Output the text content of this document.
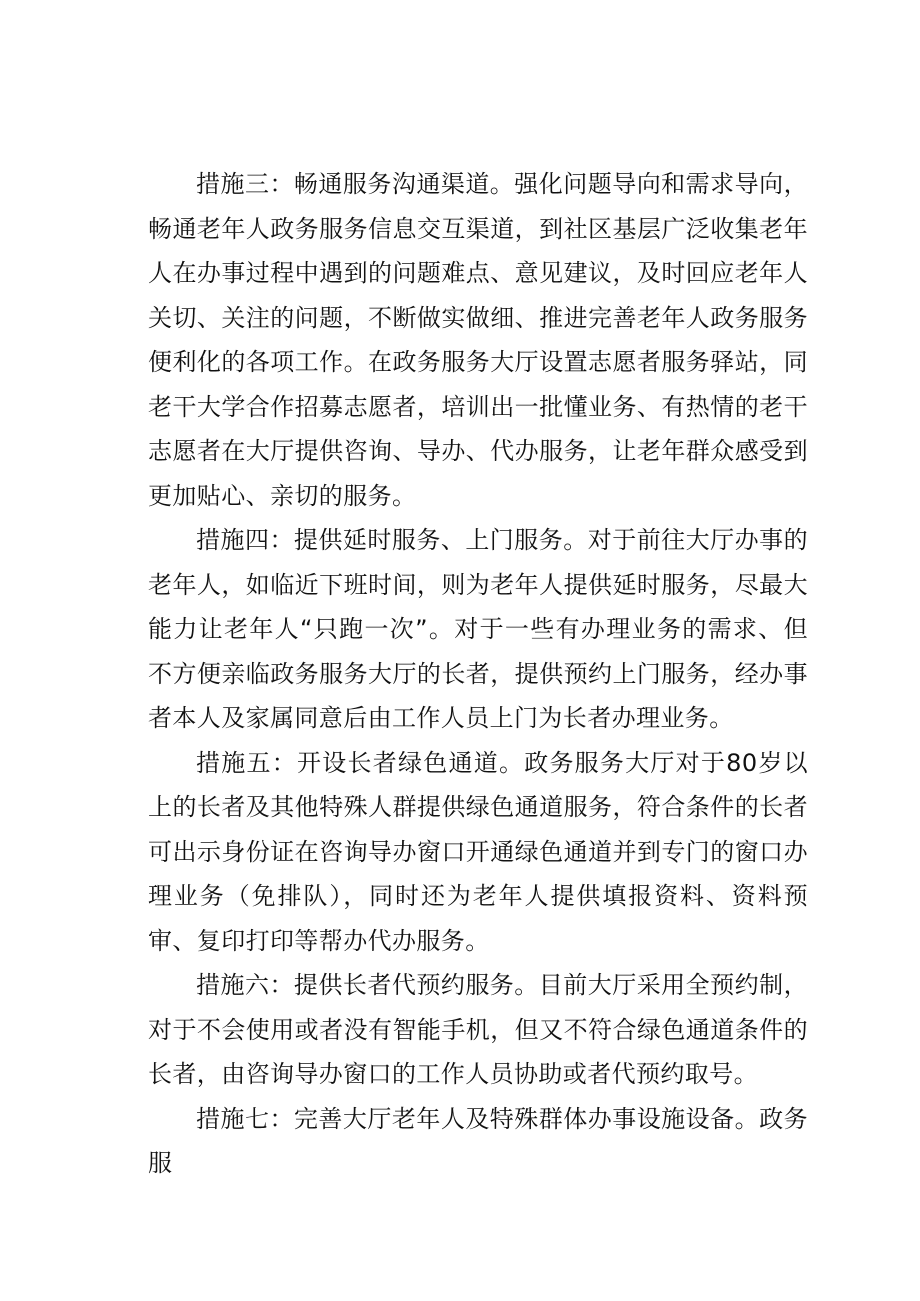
措施三：畅通服务沟通渠道。强化问题导向和需求导向，畅通老年人政务服务信息交互渠道，到社区基层广泛收集老年人在办事过程中遇到的问题难点、意见建议，及时回应老年人关切、关注的问题，不断做实做细、推进完善老年人政务服务便利化的各项工作。在政务服务大厅设置志愿者服务驿站，同老干大学合作招募志愿者，培训出一批懂业务、有热情的老干志愿者在大厅提供咨询、导办、代办服务，让老年群众感受到更加贴心、亲切的服务。

措施四：提供延时服务、上门服务。对于前往大厅办事的老年人，如临近下班时间，则为老年人提供延时服务，尽最大能力让老年人“只跑一次”。对于一些有办理业务的需求、但不方便亲临政务服务大厅的长者，提供预约上门服务，经办事者本人及家属同意后由工作人员上门为长者办理业务。

措施五：开设长者绿色通道。政务服务大厅对于80岁以上的长者及其他特殊人群提供绿色通道服务，符合条件的长者可出示身份证在咨询导办窗口开通绿色通道并到专门的窗口办理业务（免排队），同时还为老年人提供填报资料、资料预审、复印打印等帮办代办服务。

措施六：提供长者代预约服务。目前大厅采用全预约制，对于不会使用或者没有智能手机，但又不符合绿色通道条件的长者，由咨询导办窗口的工作人员协助或者代预约取号。

措施七：完善大厅老年人及特殊群体办事设施设备。政务服
